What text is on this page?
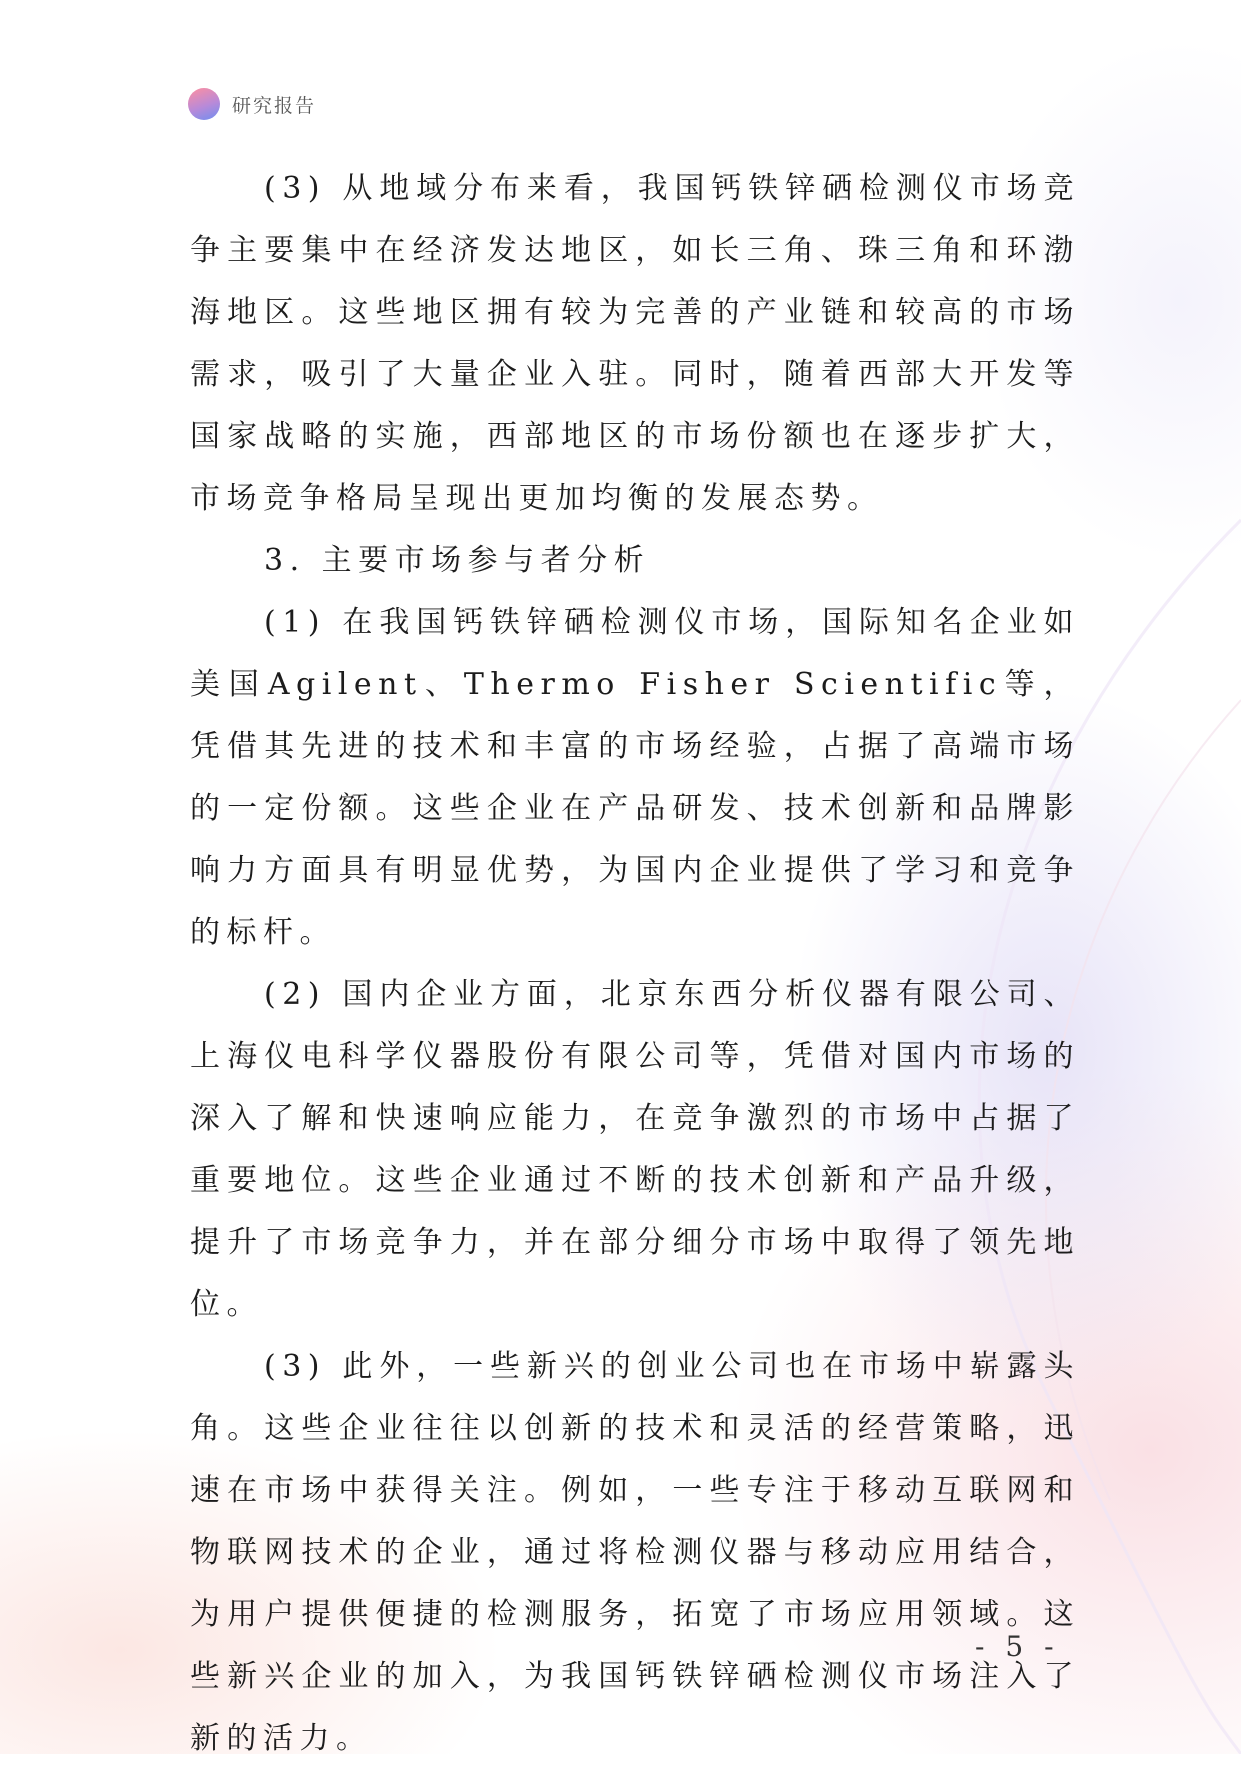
研究报告

(3) 从地域分布来看，我国钙铁锌硒检测仪市场竞争主要集中在经济发达地区，如长三角、珠三角和环渤海地区。这些地区拥有较为完善的产业链和较高的市场需求，吸引了大量企业入驻。同时，随着西部大开发等国家战略的实施，西部地区的市场份额也在逐步扩大，市场竞争格局呈现出更加均衡的发展态势。

3. 主要市场参与者分析

(1) 在我国钙铁锌硒检测仪市场，国际知名企业如美国Agilent、Thermo Fisher Scientific等，凭借其先进的技术和丰富的市场经验，占据了高端市场的一定份额。这些企业在产品研发、技术创新和品牌影响力方面具有明显优势，为国内企业提供了学习和竞争的标杆。

(2) 国内企业方面，北京东西分析仪器有限公司、上海仪电科学仪器股份有限公司等，凭借对国内市场的深入了解和快速响应能力，在竞争激烈的市场中占据了重要地位。这些企业通过不断的技术创新和产品升级，提升了市场竞争力，并在部分细分市场中取得了领先地位。

(3) 此外，一些新兴的创业公司也在市场中崭露头角。这些企业往往以创新的技术和灵活的经营策略，迅速在市场中获得关注。例如，一些专注于移动互联网和物联网技术的企业，通过将检测仪器与移动应用结合，为用户提供便捷的检测服务，拓宽了市场应用领域。这些新兴企业的加入，为我国钙铁锌硒检测仪市场注入了新的活力。

- 5 -
